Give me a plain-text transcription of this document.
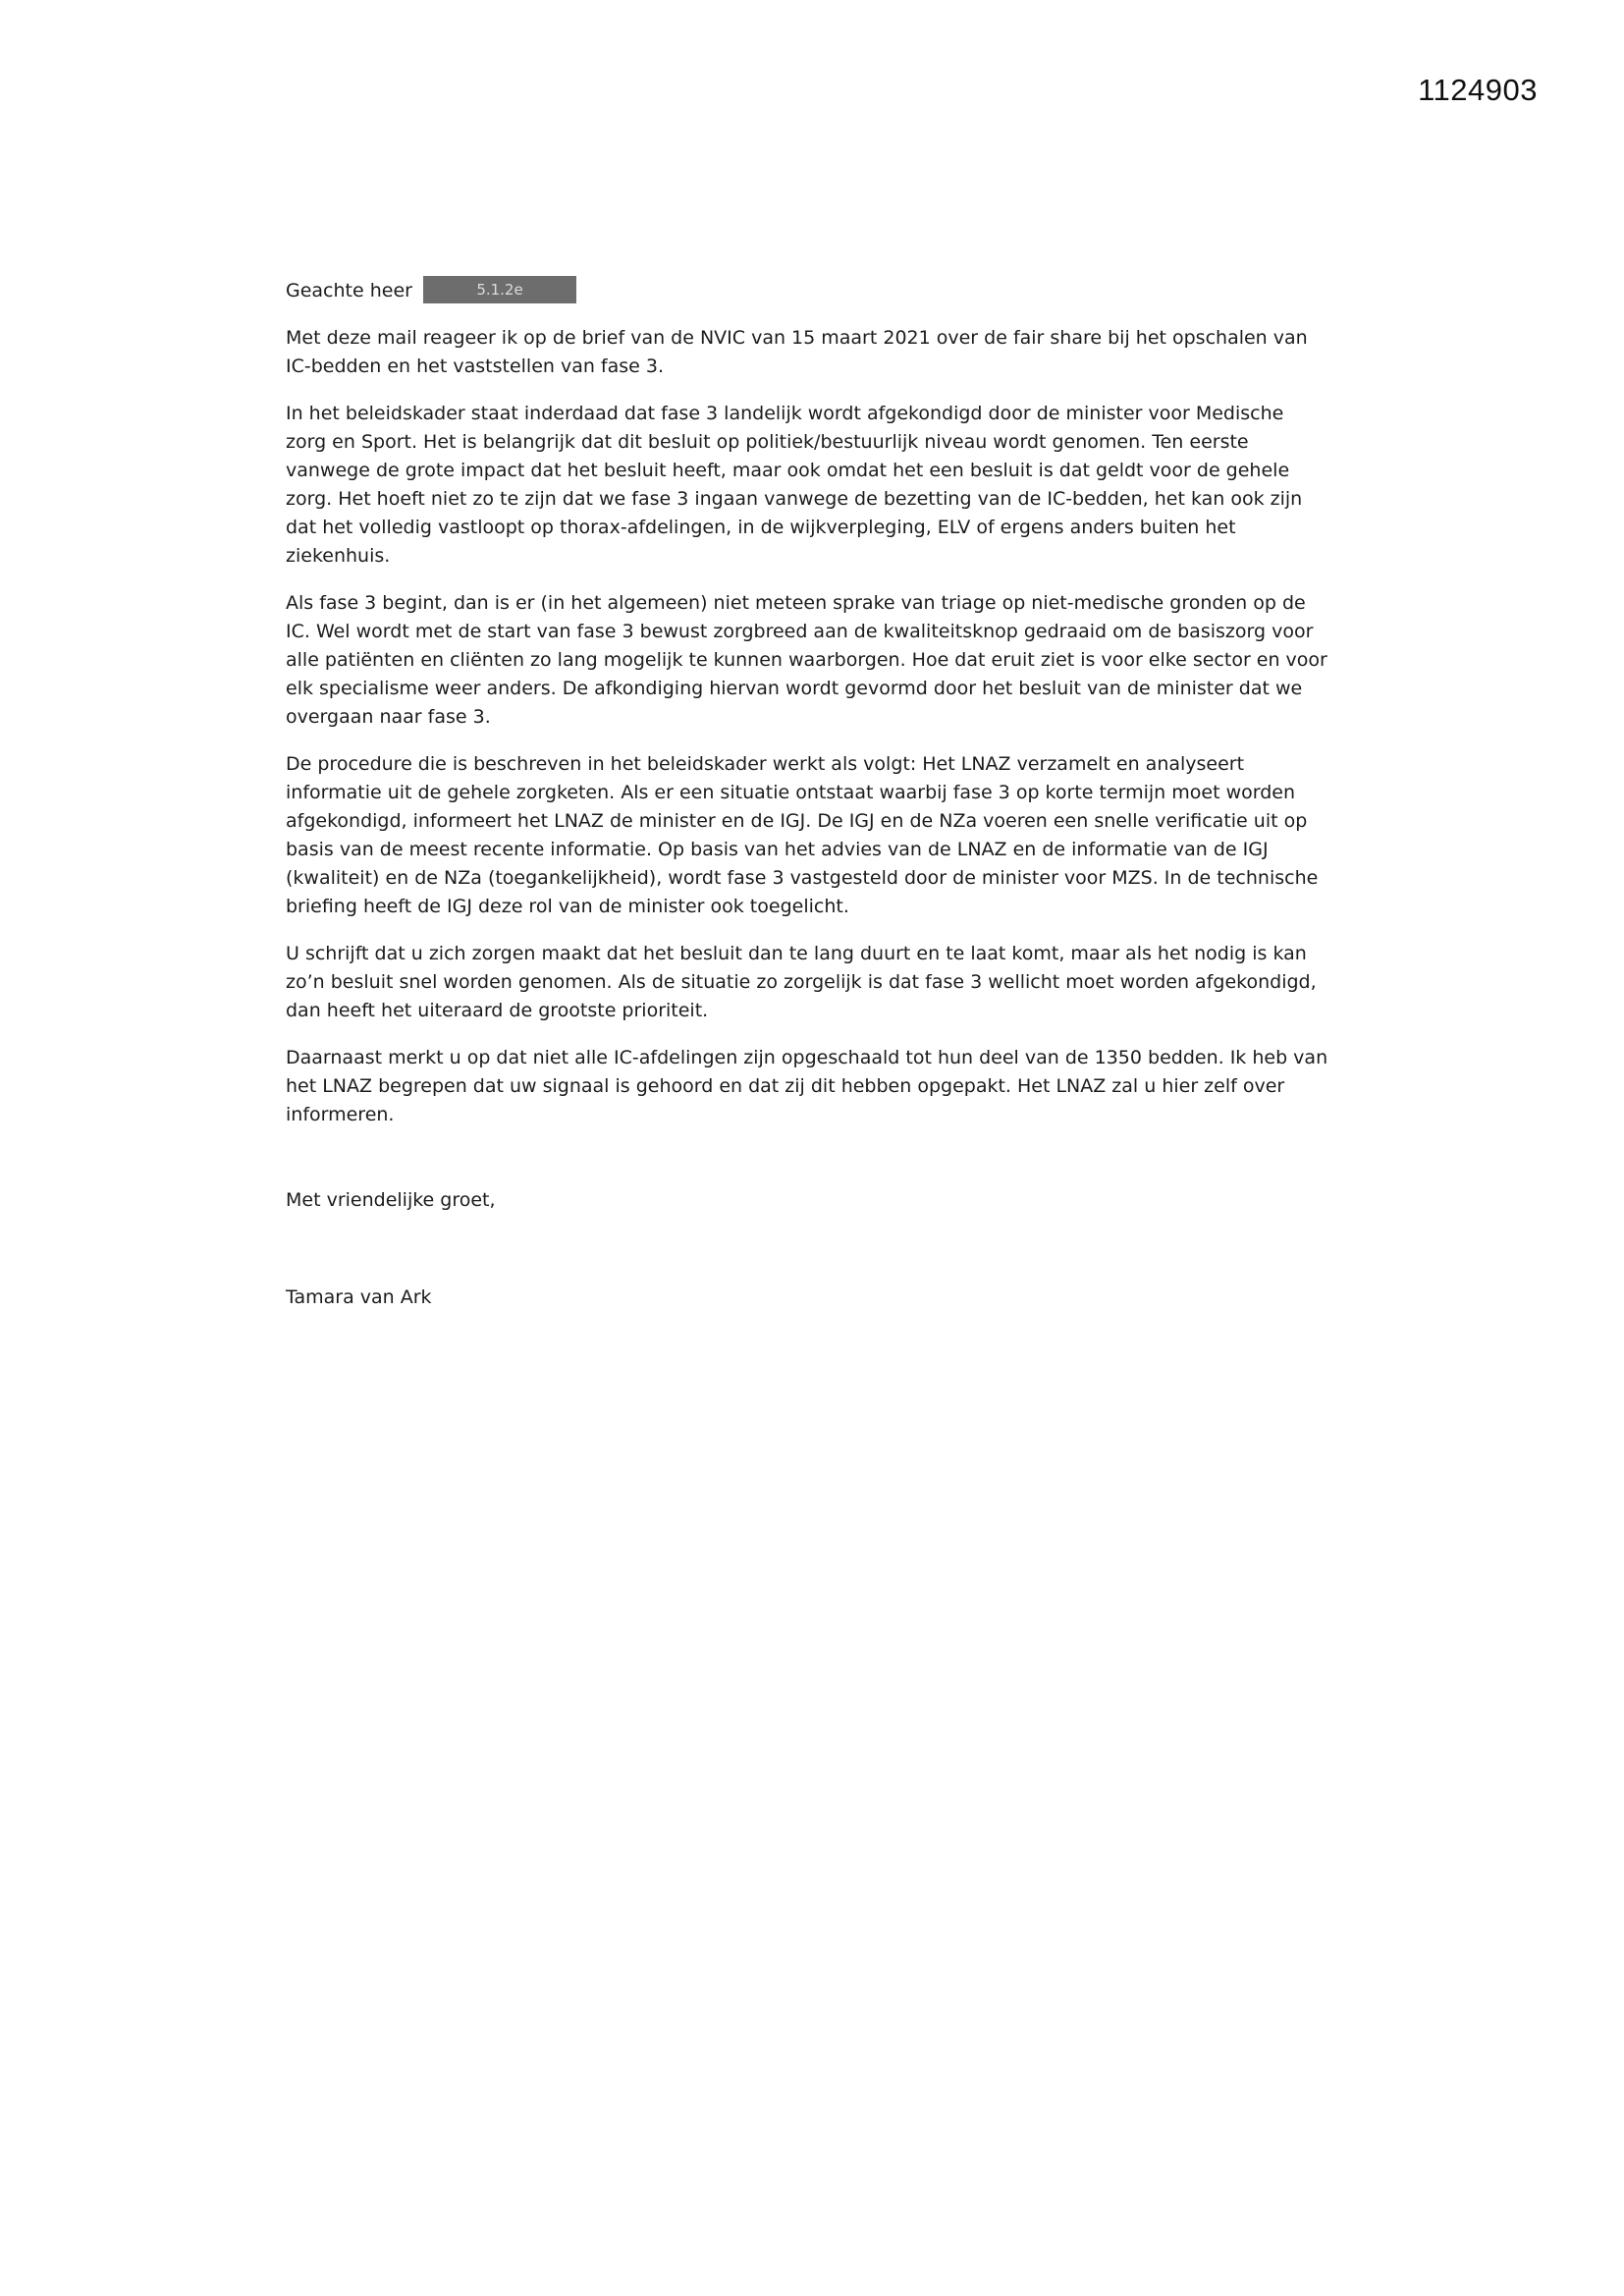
1124903

Geachte heer	5.1.2e

Met deze mail reageer ik op de brief van de NVIC van 15 maart 2021 over de fair share bij het opschalen van IC-bedden en het vaststellen van fase 3.

In het beleidskader staat inderdaad dat fase 3 landelijk wordt afgekondigd door de minister voor Medische zorg en Sport. Het is belangrijk dat dit besluit op politiek/bestuurlijk niveau wordt genomen. Ten eerste vanwege de grote impact dat het besluit heeft, maar ook omdat het een besluit is dat geldt voor de gehele zorg. Het hoeft niet zo te zijn dat we fase 3 ingaan vanwege de bezetting van de IC-bedden, het kan ook zijn dat het volledig vastloopt op thorax-afdelingen, in de wijkverpleging, ELV of ergens anders buiten het ziekenhuis.

Als fase 3 begint, dan is er (in het algemeen) niet meteen sprake van triage op niet-medische gronden op de IC. Wel wordt met de start van fase 3 bewust zorgbreed aan de kwaliteitsknop gedraaid om de basiszorg voor alle patiënten en cliënten zo lang mogelijk te kunnen waarborgen. Hoe dat eruit ziet is voor elke sector en voor elk specialisme weer anders. De afkondiging hiervan wordt gevormd door het besluit van de minister dat we overgaan naar fase 3.

De procedure die is beschreven in het beleidskader werkt als volgt: Het LNAZ verzamelt en analyseert informatie uit de gehele zorgketen. Als er een situatie ontstaat waarbij fase 3 op korte termijn moet worden afgekondigd, informeert het LNAZ de minister en de IGJ. De IGJ en de NZa voeren een snelle verificatie uit op basis van de meest recente informatie. Op basis van het advies van de LNAZ en de informatie van de IGJ (kwaliteit) en de NZa (toegankelijkheid), wordt fase 3 vastgesteld door de minister voor MZS. In de technische briefing heeft de IGJ deze rol van de minister ook toegelicht.

U schrijft dat u zich zorgen maakt dat het besluit dan te lang duurt en te laat komt, maar als het nodig is kan zo’n besluit snel worden genomen. Als de situatie zo zorgelijk is dat fase 3 wellicht moet worden afgekondigd, dan heeft het uiteraard de grootste prioriteit.

Daarnaast merkt u op dat niet alle IC-afdelingen zijn opgeschaald tot hun deel van de 1350 bedden. Ik heb van het LNAZ begrepen dat uw signaal is gehoord en dat zij dit hebben opgepakt. Het LNAZ zal u hier zelf over informeren.

Met vriendelijke groet,

Tamara van Ark
